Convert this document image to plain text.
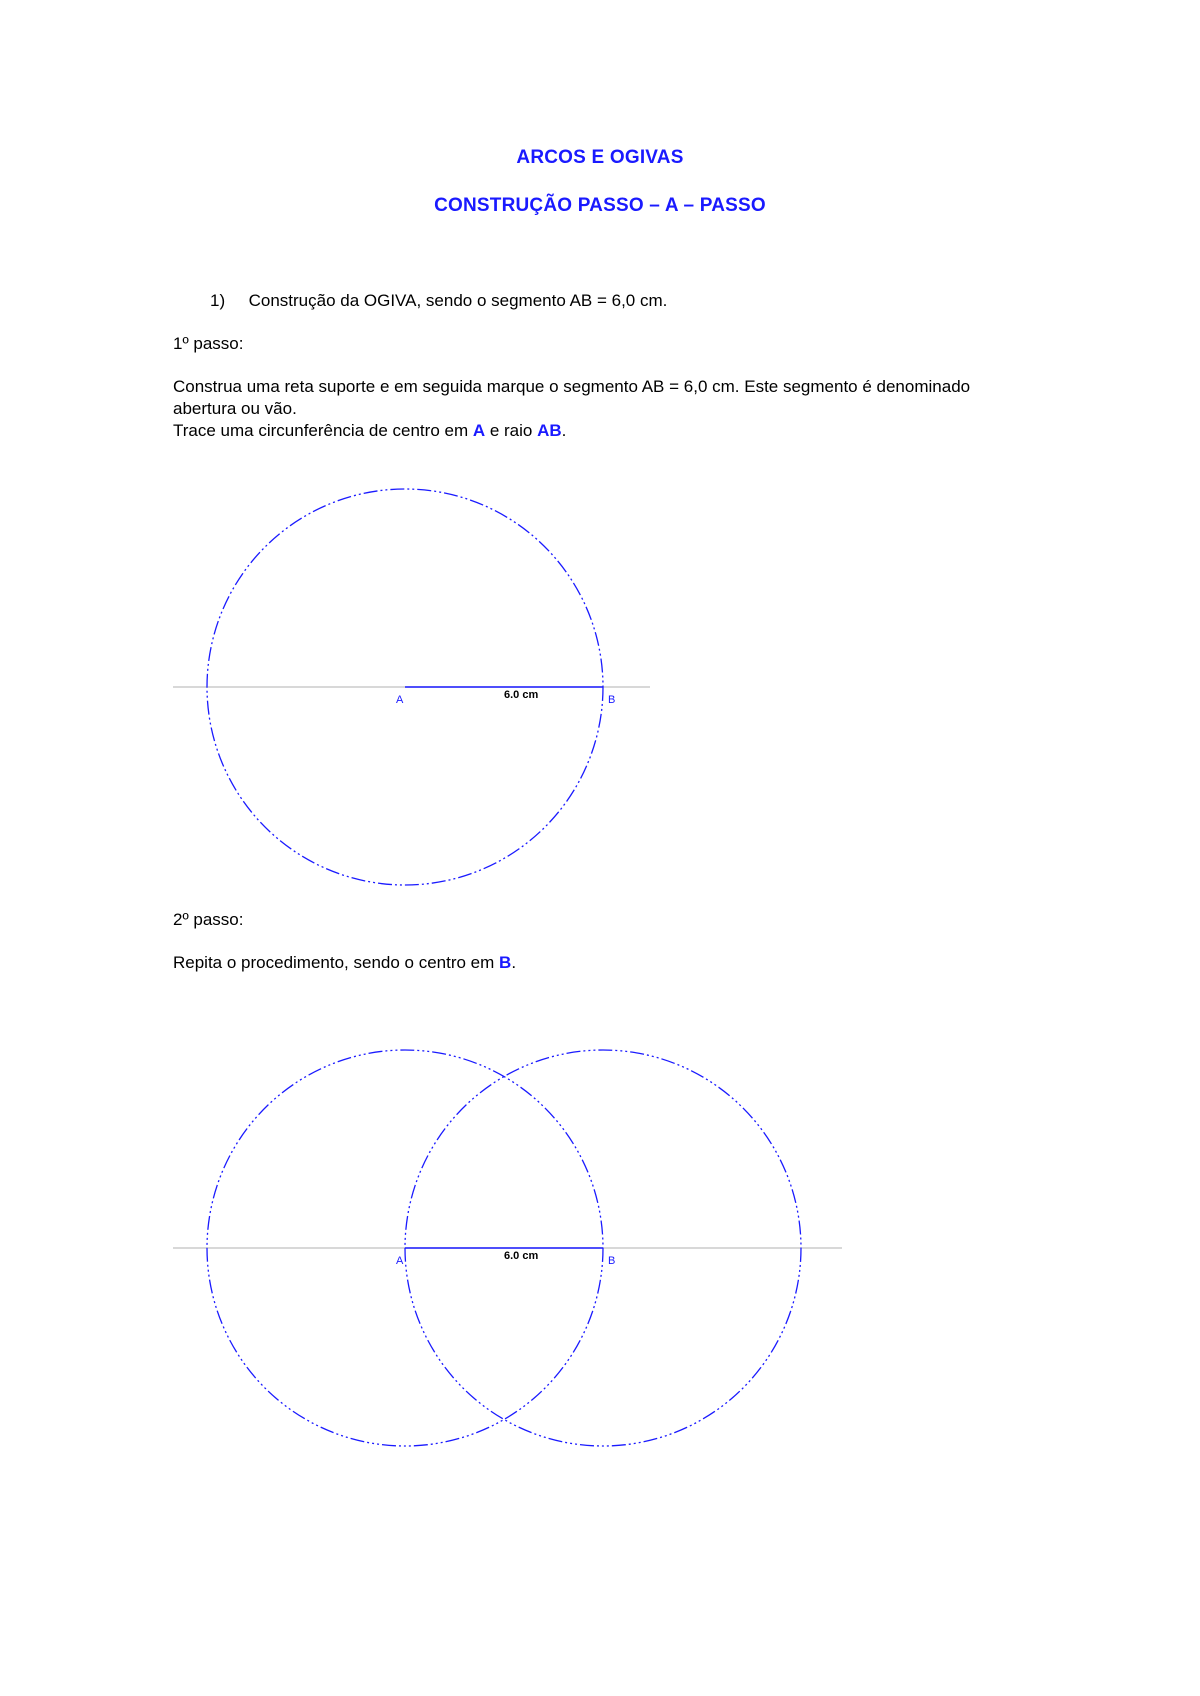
ARCOS E OGIVAS
CONSTRUÇÃO PASSO – A – PASSO
1) Construção da OGIVA, sendo o segmento AB = 6,0 cm.
1º passo:
Construa uma reta suporte e em seguida marque o segmento AB = 6,0 cm. Este segmento é denominado
abertura ou vão.
Trace uma circunferência de centro em A e raio AB.
A	B
6.0 cm
2º passo:
Repita o procedimento, sendo o centro em B.
A	B
6.0 cm
